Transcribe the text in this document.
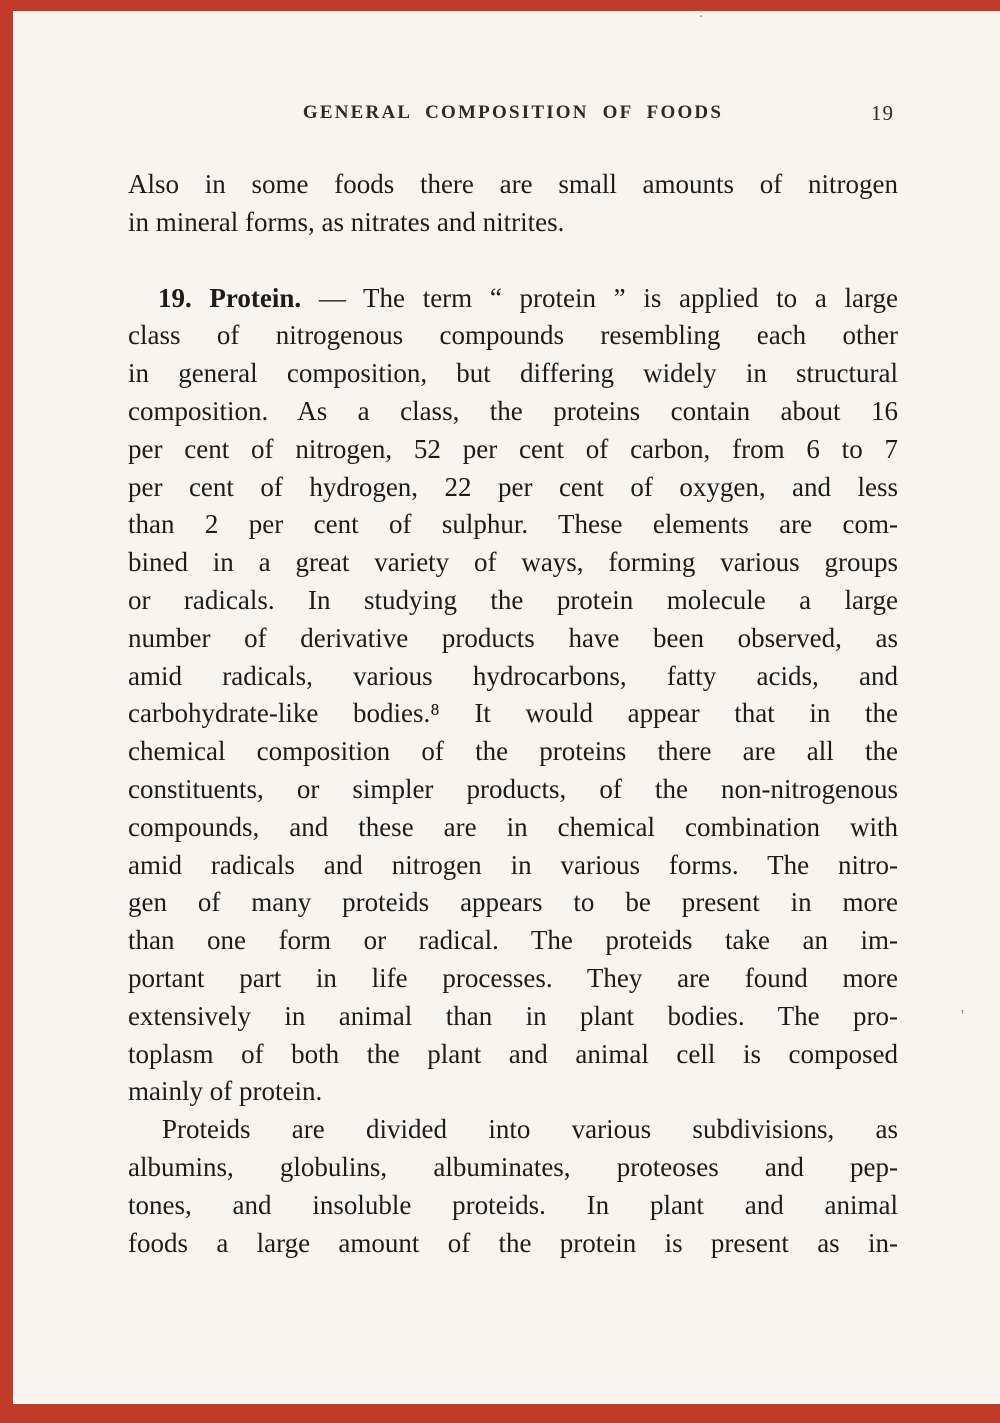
:
'
GENERAL COMPOSITION OF FOODS	19
Also in some foods there are small amounts of nitrogen
in mineral forms, as nitrates and nitrites.
19. Protein. — The term “ protein ” is applied to a large
class of nitrogenous compounds resembling each other
in general composition, but differing widely in structural
composition. As a class, the proteins contain about 16
per cent of nitrogen, 52 per cent of carbon, from 6 to 7
per cent of hydrogen, 22 per cent of oxygen, and less
than 2 per cent of sulphur. These elements are com-
bined in a great variety of ways, forming various groups
or radicals. In studying the protein molecule a large
number of derivative products have been observed, as
amid radicals, various hydrocarbons, fatty acids, and
carbohydrate-like bodies.⁸ It would appear that in the
chemical composition of the proteins there are all the
constituents, or simpler products, of the non-nitrogenous
compounds, and these are in chemical combination with
amid radicals and nitrogen in various forms. The nitro-
gen of many proteids appears to be present in more
than one form or radical. The proteids take an im-
portant part in life processes. They are found more
extensively in animal than in plant bodies. The pro-
toplasm of both the plant and animal cell is composed
mainly of protein.
Proteids are divided into various subdivisions, as
albumins, globulins, albuminates, proteoses and pep-
tones, and insoluble proteids. In plant and animal
foods a large amount of the protein is present as in-
